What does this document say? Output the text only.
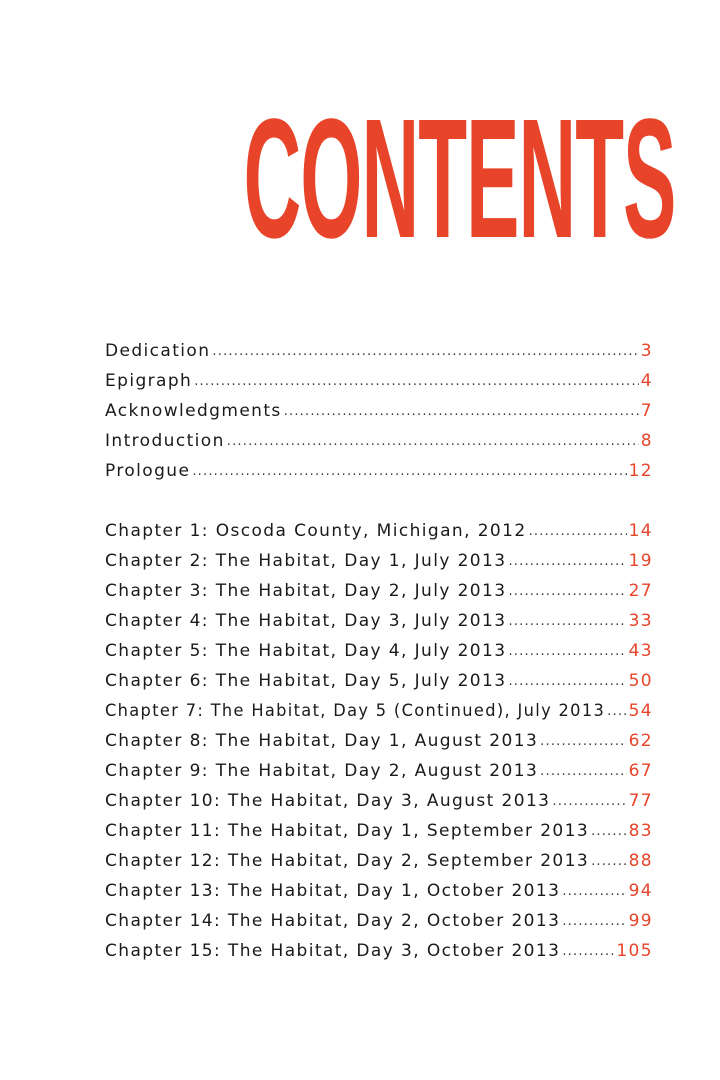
CONTENTS
Dedication .....	3
Epigraph .....	4
Acknowledgments .....	7
Introduction .....	8
Prologue .....	12
Chapter 1: Oscoda County, Michigan, 2012 .....	14
Chapter 2: The Habitat, Day 1, July 2013 .....	19
Chapter 3: The Habitat, Day 2, July 2013 .....	27
Chapter 4: The Habitat, Day 3, July 2013 .....	33
Chapter 5: The Habitat, Day 4, July 2013 .....	43
Chapter 6: The Habitat, Day 5, July 2013 .....	50
Chapter 7: The Habitat, Day 5 (Continued), July 2013 ..... 54
Chapter 8: The Habitat, Day 1, August 2013 .....	62
Chapter 9: The Habitat, Day 2, August 2013 .....	67
Chapter 10: The Habitat, Day 3, August 2013 .....	77
Chapter 11: The Habitat, Day 1, September 2013 ..... 83
Chapter 12: The Habitat, Day 2, September 2013 ..... 88
Chapter 13: The Habitat, Day 1, October 2013 .....	94
Chapter 14: The Habitat, Day 2, October 2013 .....	99
Chapter 15: The Habitat, Day 3, October 2013 .....	105
